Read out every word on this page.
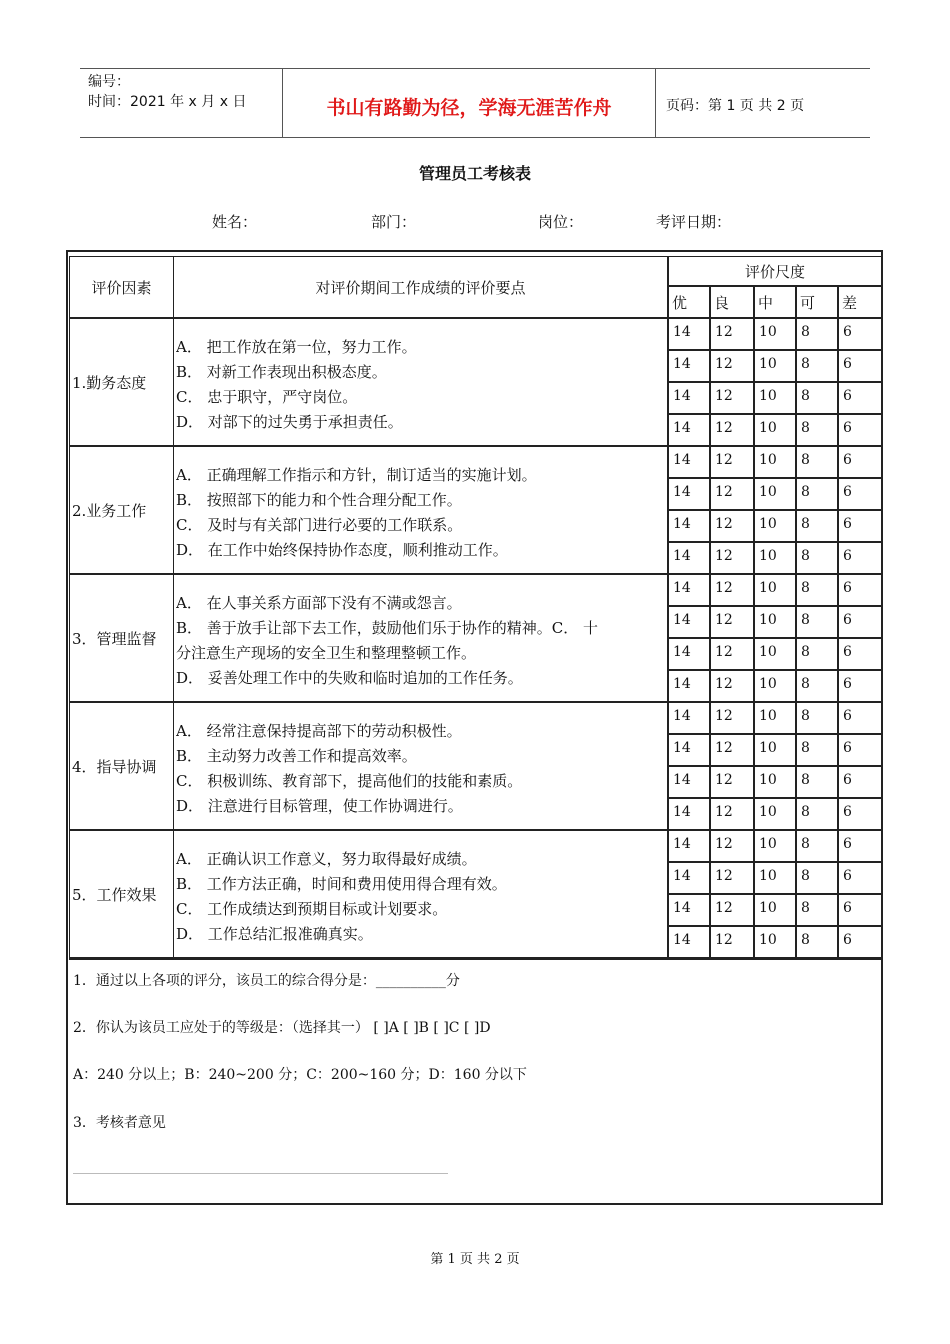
编号：
时间：2021 年 x 月 x 日	书山有路勤为径，学海无涯苦作舟	页码：第 1 页 共 2 页
管理员工考核表
姓名：	部门：	岗位：	考评日期：
评价因素	对评价期间工作成绩的评价要点
评价尺度
优	良	中	可	差
1.勤务态度
A． 把工作放在第一位，努力工作。
B． 对新工作表现出积极态度。
C． 忠于职守，严守岗位。
D． 对部下的过失勇于承担责任。
14	12	10	8	6
14	12	10	8	6
14	12	10	8	6
14	12	10	8	6
2.业务工作
A． 正确理解工作指示和方针，制订适当的实施计划。
B． 按照部下的能力和个性合理分配工作。
C． 及时与有关部门进行必要的工作联系。
D． 在工作中始终保持协作态度，顺利推动工作。
14	12	10	8	6
14	12	10	8	6
14	12	10	8	6
14	12	10	8	6
3．管理监督
A． 在人事关系方面部下没有不满或怨言。
B． 善于放手让部下去工作，鼓励他们乐于协作的精神。C． 十
分注意生产现场的安全卫生和整理整顿工作。
D． 妥善处理工作中的失败和临时追加的工作任务。
14	12	10	8	6
14	12	10	8	6
14	12	10	8	6
14	12	10	8	6
4．指导协调
A． 经常注意保持提高部下的劳动积极性。
B． 主动努力改善工作和提高效率。
C． 积极训练、教育部下，提高他们的技能和素质。
D． 注意进行目标管理，使工作协调进行。
14	12	10	8	6
14	12	10	8	6
14	12	10	8	6
14	12	10	8	6
5．工作效果
A． 正确认识工作意义，努力取得最好成绩。
B． 工作方法正确，时间和费用使用得合理有效。
C． 工作成绩达到预期目标或计划要求。
D． 工作总结汇报准确真实。
14	12	10	8	6
14	12	10	8	6
14	12	10	8	6
14	12	10	8	6
1．通过以上各项的评分，该员工的综合得分是：__________分
2．你认为该员工应处于的等级是：（选择其一） [ ]A [ ]B [ ]C [ ]D
A：240 分以上；B：240~200 分；C：200~160 分；D：160 分以下
3．考核者意见
第 1 页 共 2 页
